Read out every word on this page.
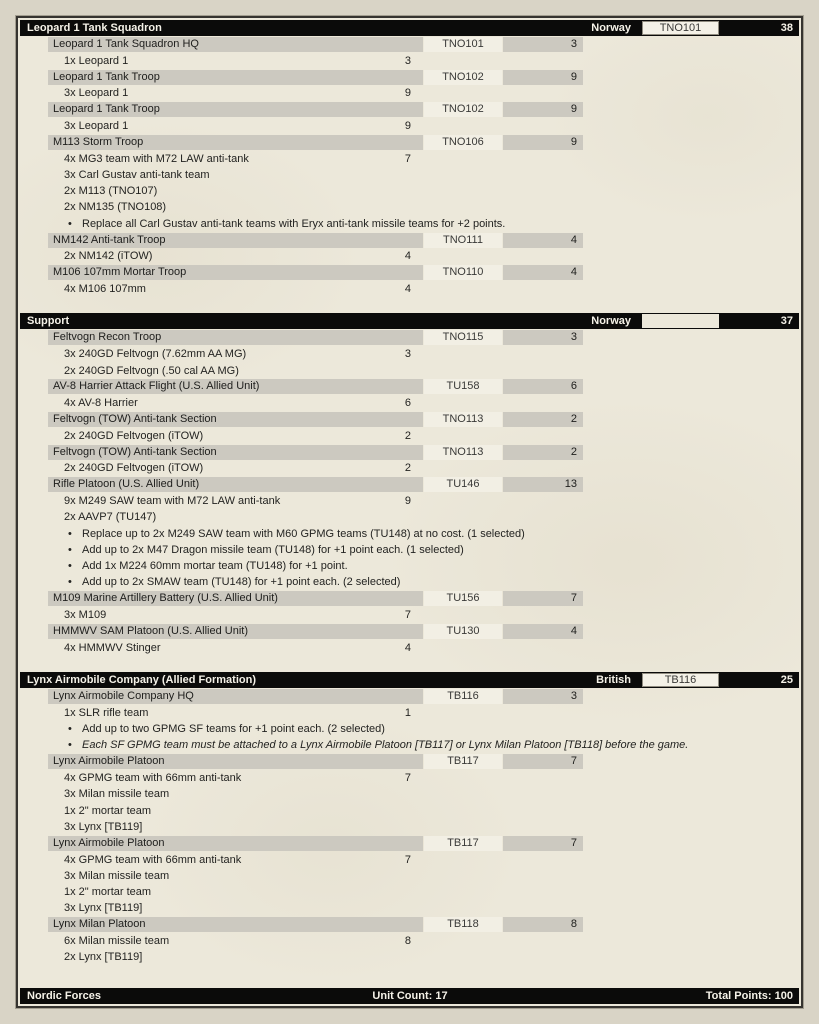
Leopard 1 Tank Squadron	Norway	TNO101	38
Leopard 1 Tank Squadron HQ	TNO101	3
1x Leopard 1	3
Leopard 1 Tank Troop	TNO102	9
3x Leopard 1	9
Leopard 1 Tank Troop	TNO102	9
3x Leopard 1	9
M113 Storm Troop	TNO106	9
4x MG3 team with M72 LAW anti-tank	7
3x Carl Gustav anti-tank team
2x M113 (TNO107)
2x NM135 (TNO108)
• Replace all Carl Gustav anti-tank teams with Eryx anti-tank missile teams for +2 points.
NM142 Anti-tank Troop	TNO111	4
2x NM142 (iTOW)	4
M106 107mm Mortar Troop	TNO110	4
4x M106 107mm	4
Support	Norway	37
Feltvogn Recon Troop	TNO115	3
3x 240GD Feltvogn (7.62mm AA MG)	3
2x 240GD Feltvogn (.50 cal AA MG)
AV-8 Harrier Attack Flight (U.S. Allied Unit)	TU158	6
4x AV-8 Harrier	6
Feltvogn (TOW) Anti-tank Section	TNO113	2
2x 240GD Feltvogen (iTOW)	2
Feltvogn (TOW) Anti-tank Section	TNO113	2
2x 240GD Feltvogen (iTOW)	2
Rifle Platoon (U.S. Allied Unit)	TU146	13
9x M249 SAW team with M72 LAW anti-tank	9
2x AAVP7 (TU147)
• Replace up to 2x M249 SAW team with M60 GPMG teams (TU148) at no cost. (1 selected)
• Add up to 2x M47 Dragon missile team (TU148) for +1 point each. (1 selected)
• Add 1x M224 60mm mortar team (TU148) for +1 point.
• Add up to 2x SMAW team (TU148) for +1 point each. (2 selected)
M109 Marine Artillery Battery (U.S. Allied Unit)	TU156	7
3x M109	7
HMMWV SAM Platoon (U.S. Allied Unit)	TU130	4
4x HMMWV Stinger	4
Lynx Airmobile Company (Allied Formation)	British	TB116	25
Lynx Airmobile Company HQ	TB116	3
1x SLR rifle team	1
• Add up to two GPMG SF teams for +1 point each. (2 selected)
• Each SF GPMG team must be attached to a Lynx Airmobile Platoon [TB117] or Lynx Milan Platoon [TB118] before the game.
Lynx Airmobile Platoon	TB117	7
4x GPMG team with 66mm anti-tank	7
3x Milan missile team
1x 2" mortar team
3x Lynx [TB119]
Lynx Airmobile Platoon	TB117	7
4x GPMG team with 66mm anti-tank	7
3x Milan missile team
1x 2" mortar team
3x Lynx [TB119]
Lynx Milan Platoon	TB118	8
6x Milan missile team	8
2x Lynx [TB119]
Nordic Forces	Unit Count: 17	Total Points: 100
